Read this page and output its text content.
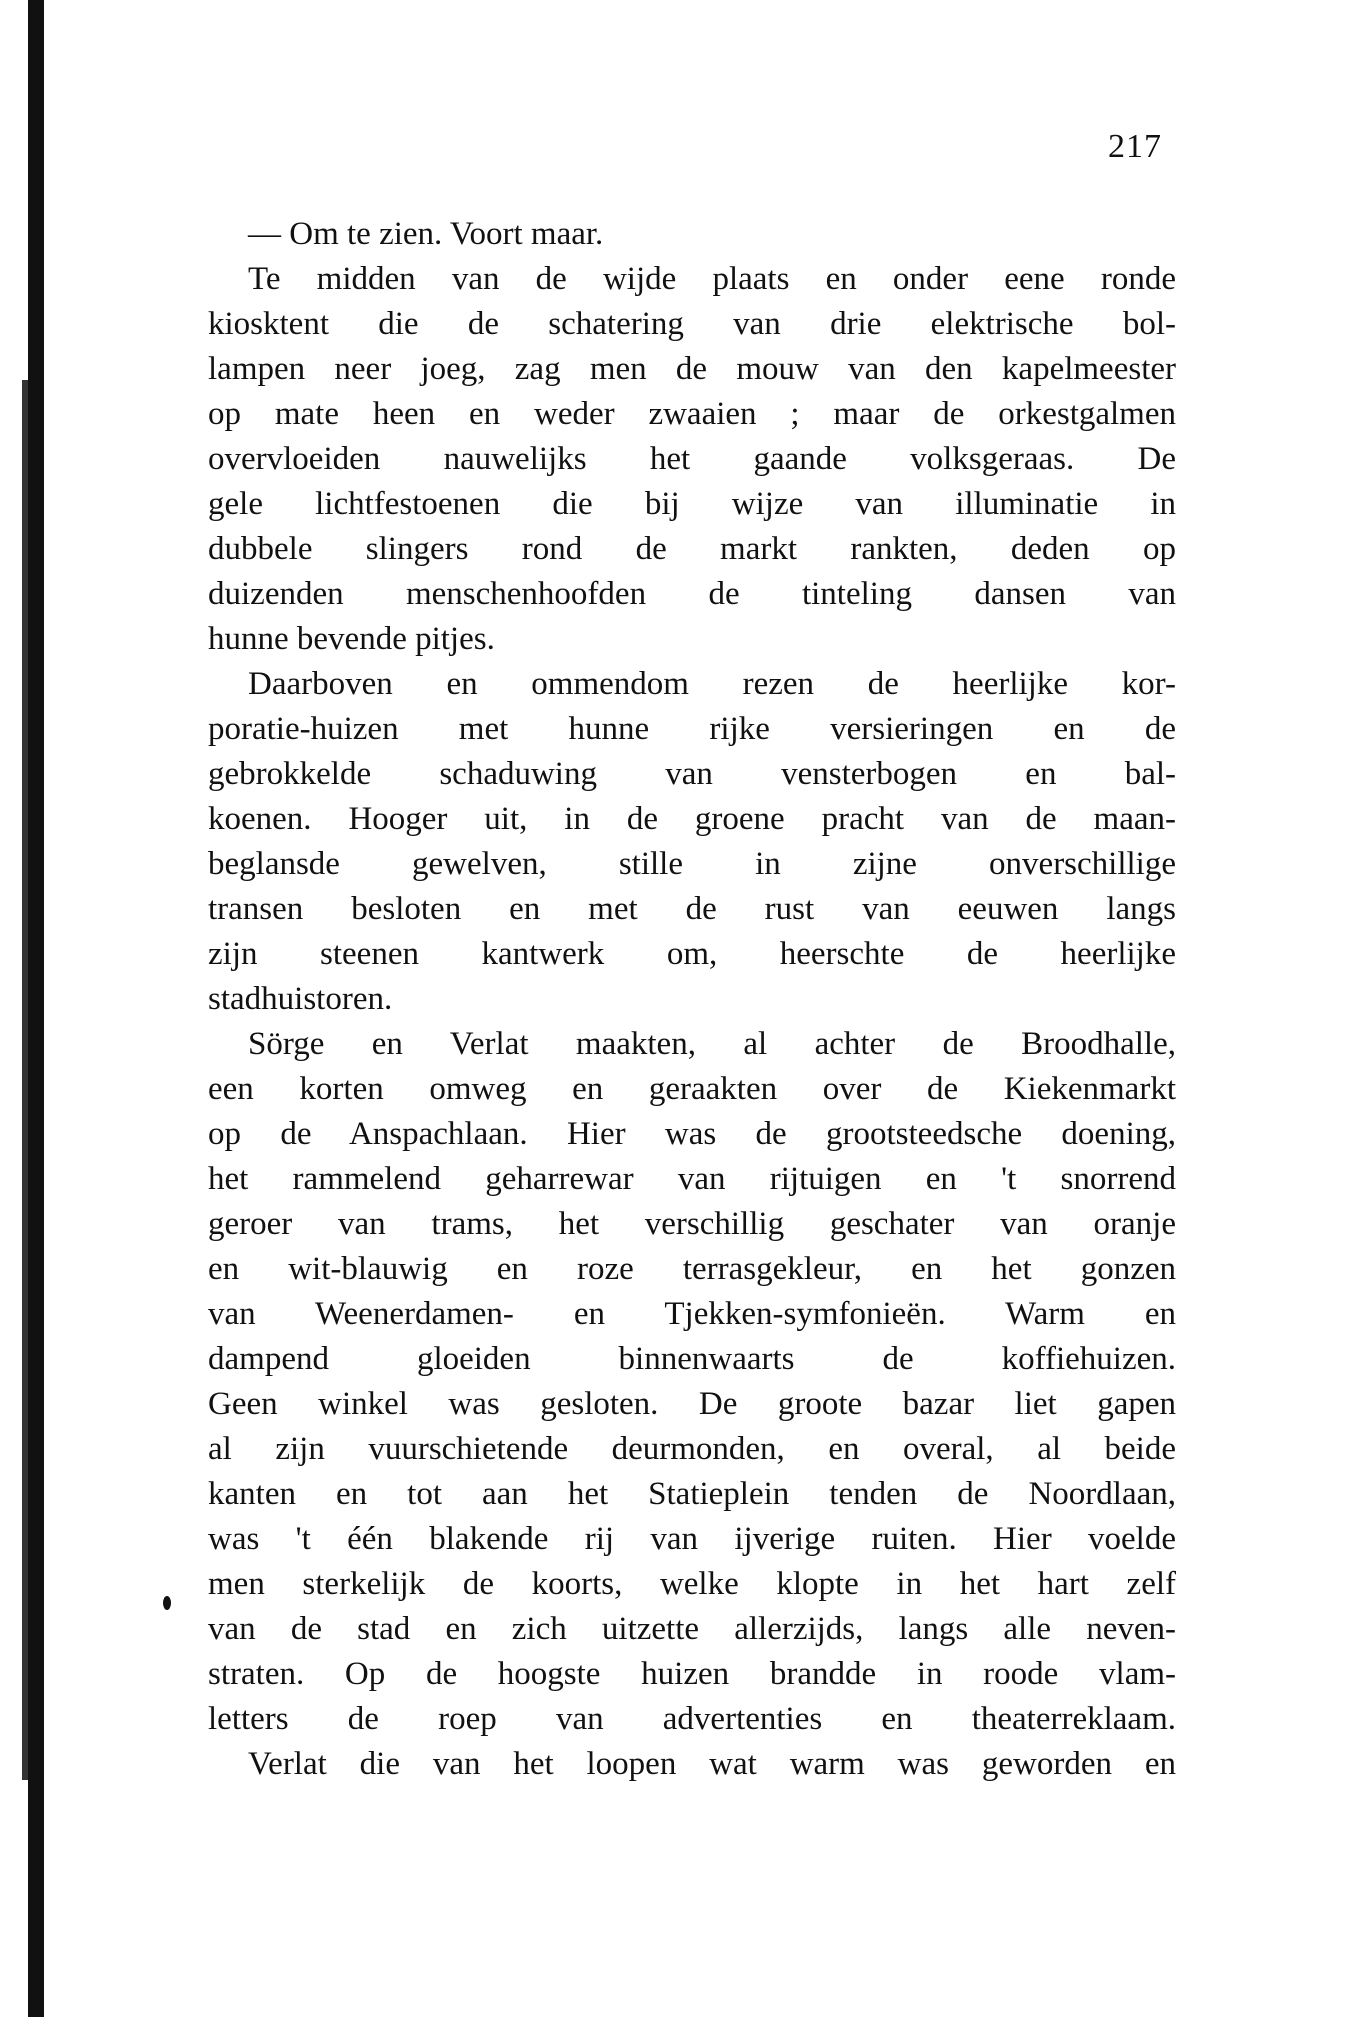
217
— Om te zien. Voort maar.
Te midden van de wijde plaats en onder eene ronde
kiosktent die de schatering van drie elektrische bol-
lampen neer joeg, zag men de mouw van den kapelmeester
op mate heen en weder zwaaien ; maar de orkestgalmen
overvloeiden nauwelijks het gaande volksgeraas. De
gele lichtfestoenen die bij wijze van illuminatie in
dubbele slingers rond de markt rankten, deden op
duizenden menschenhoofden de tinteling dansen van
hunne bevende pitjes.
Daarboven en ommendom rezen de heerlijke kor-
poratie-huizen met hunne rijke versieringen en de
gebrokkelde schaduwing van vensterbogen en bal-
koenen. Hooger uit, in de groene pracht van de maan-
beglansde gewelven, stille in zijne onverschillige
transen besloten en met de rust van eeuwen langs
zijn steenen kantwerk om, heerschte de heerlijke
stadhuistoren.
Sörge en Verlat maakten, al achter de Broodhalle,
een korten omweg en geraakten over de Kiekenmarkt
op de Anspachlaan. Hier was de grootsteedsche doening,
het rammelend geharrewar van rijtuigen en 't snorrend
geroer van trams, het verschillig geschater van oranje
en wit-blauwig en roze terrasgekleur, en het gonzen
van Weenerdamen- en Tjekken-symfonieën. Warm en
dampend gloeiden binnenwaarts de koffiehuizen.
Geen winkel was gesloten. De groote bazar liet gapen
al zijn vuurschietende deurmonden, en overal, al beide
kanten en tot aan het Statieplein tenden de Noordlaan,
was 't één blakende rij van ijverige ruiten. Hier voelde
men sterkelijk de koorts, welke klopte in het hart zelf
van de stad en zich uitzette allerzijds, langs alle neven-
straten. Op de hoogste huizen brandde in roode vlam-
letters de roep van advertenties en theaterreklaam.
Verlat die van het loopen wat warm was geworden en
